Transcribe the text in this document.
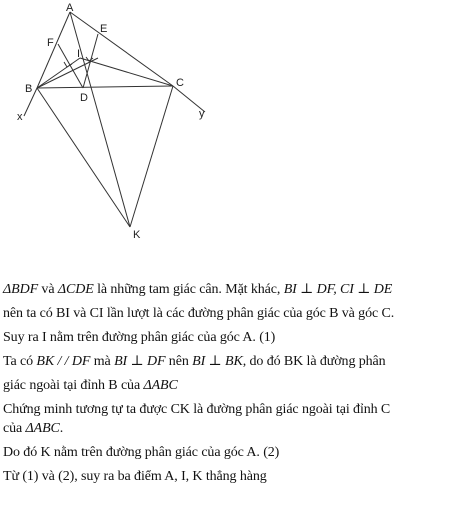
A
E
F
I
B
D
C
x	y
K
ΔBDF và ΔCDE là những tam giác cân. Mặt khác, BI ⊥ DF, CI ⊥ DE
nên ta có BI và CI lần lượt là các đường phân giác của góc B và góc C.
Suy ra I nằm trên đường phân giác của góc A. (1)
Ta có BK / / DF mà BI ⊥ DF nên BI ⊥ BK, do đó BK là đường phân
giác ngoài tại đỉnh B của ΔABC
Chứng minh tương tự ta được CK là đường phân giác ngoài tại đỉnh C
của ΔABC.
Do đó K nằm trên đường phân giác của góc A. (2)
Từ (1) và (2), suy ra ba điểm A, I, K thẳng hàng
